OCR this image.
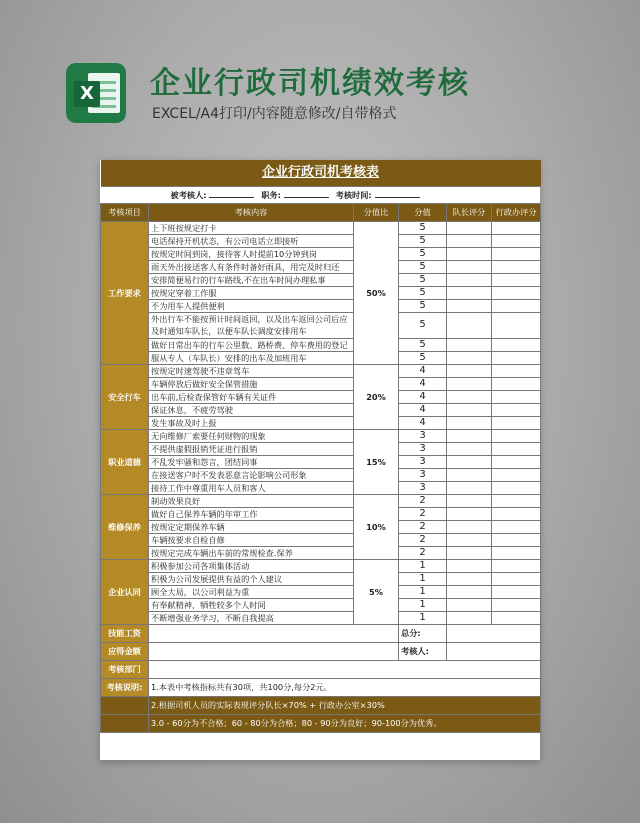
X 企业行政司机绩效考核
EXCEL/A4打印/内容随意修改/自带格式
企业行政司机考核表					
被考核人: 职务: 考核时间:					
考核项目	考核内容	分值比	分值	队长评分	行政办评分
工作要求	上下班按规定打卡	50%	5		
	电话保持开机状态，有公司电话立即接听		5		
	按规定时间到岗，接待客人时提前10分钟到岗		5		
	雨天外出接送客人有条件时备好雨具，用完及时归还		5		
	安排简便易行的行车路线,不在出车时间办理私事		5		
	按规定穿着工作服		5		
	不为用车人提供便利		5		
	外出行车不能按预计时间返回，以及出车返回公司后应及时通知车队长，以便车队长调度安排用车		5		
	做好日常出车的行车公里数、路桥费、停车费用的登记		5		
	服从专人（车队长）安排的出车及加班用车		5		
安全行车	按规定时速驾驶不违章驾车	20%	4		
	车辆停放后做好安全保管措施		4		
	出车前,后检查保管好车辆有关证件		4		
	保证休息，不疲劳驾驶		4		
	发生事故及时上报		4		
职业道德	无向维修厂索要任何财物的现象	15%	3		
	不提供虚假报销凭证进行报销		3		
	不乱发牢骚和怨言，团结同事		3		
	在接送客户时不发表恶意言论影响公司形象		3		
	接待工作中尊重用车人员和客人		3		
维修保养	制动效果良好	10%	2		
	做好自己保养车辆的年审工作		2		
	按规定定期保养车辆		2		
	车辆按要求自检自修		2		
	按规定完成车辆出车前的常规检查.保养		2		
企业认同	积极参加公司各项集体活动	5%	1		
	积极为公司发展提供有益的个人建议		1		
	顾全大局，以公司利益为重		1		
	有奉献精神，牺牲较多个人时间		1		
	不断增强业务学习，不断自我提高		1		
技能工资			总分:		
应得金额			考核人:		
考核部门					
考核说明:	1.本表中考核指标共有30项，共100分,每分2元。				
	2.根据司机人员的实际表现评分队长×70% + 行政办公室×30%				
	3.0 - 60分为不合格；60 - 80分为合格；80 - 90分为良好；90-100分为优秀。				
